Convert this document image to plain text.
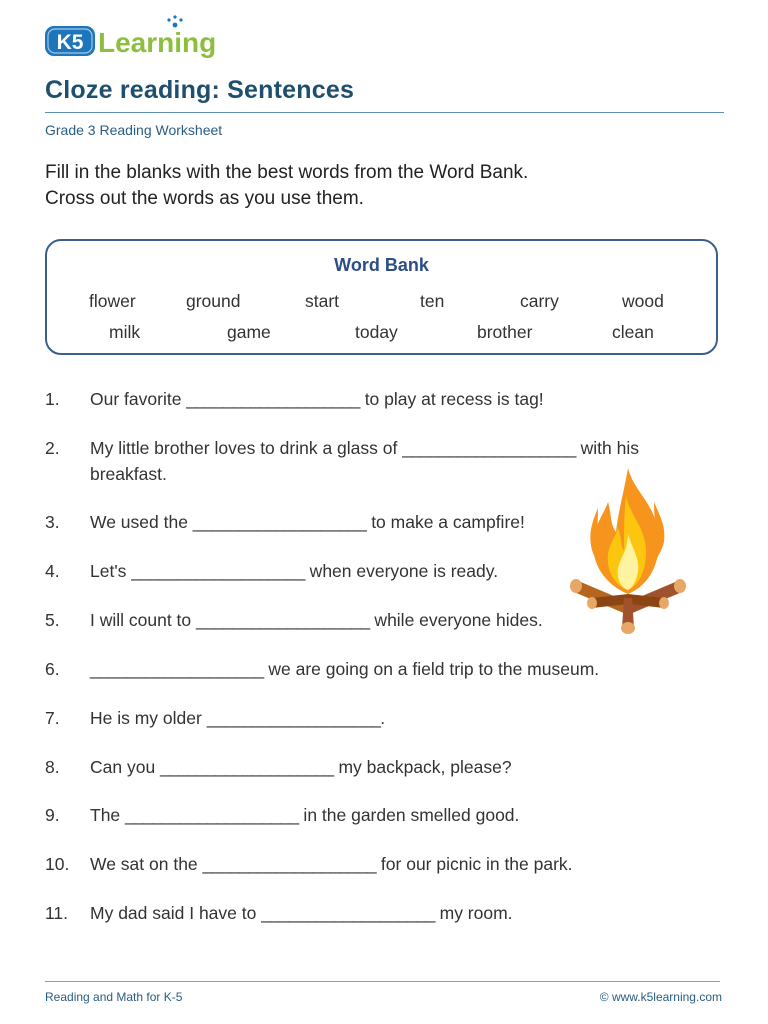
K5 Learning
Cloze reading: Sentences
Grade 3 Reading Worksheet
Fill in the blanks with the best words from the Word Bank.
Cross out the words as you use them.
Word Bank
flower	ground	start	ten	carry	wood
milk	game	today	brother	clean
1. Our favorite ___________________ to play at recess is tag!
2. My little brother loves to drink a glass of ___________________ with his breakfast.
3. We used the ___________________ to make a campfire!
4. Let's ___________________ when everyone is ready.
5. I will count to ___________________ while everyone hides.
6. ___________________ we are going on a field trip to the museum.
7. He is my older ___________________.
8. Can you ___________________ my backpack, please?
9. The ___________________ in the garden smelled good.
10. We sat on the ___________________ for our picnic in the park.
11. My dad said I have to ___________________ my room.
Reading and Math for K-5	© www.k5learning.com
